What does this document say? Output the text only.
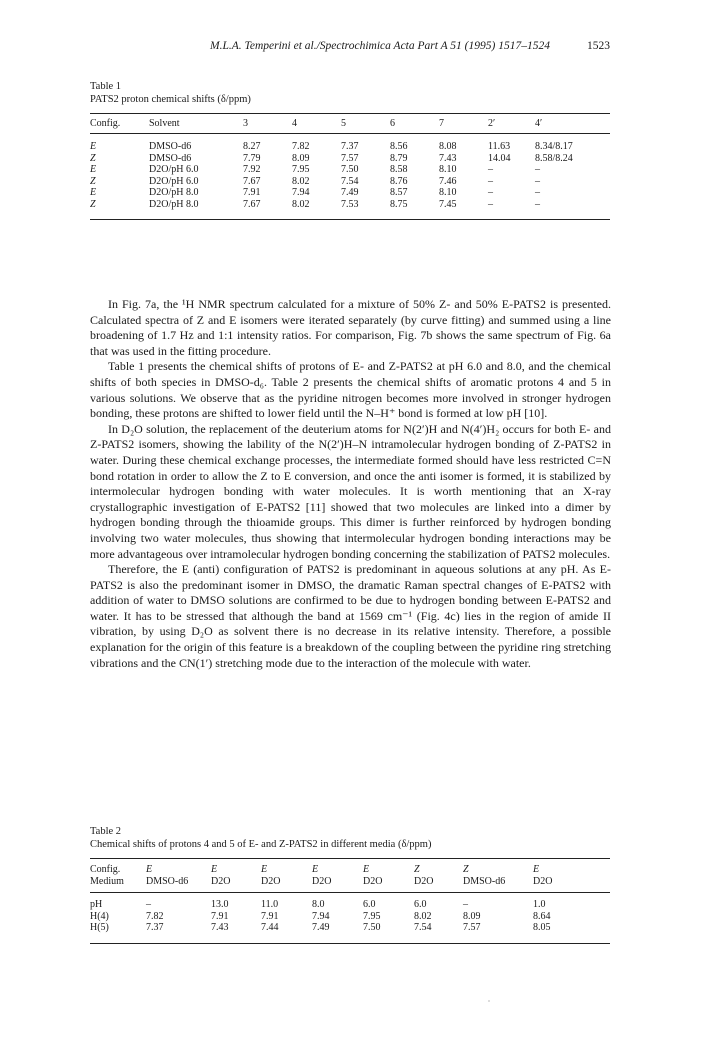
M.L.A. Temperini et al./Spectrochimica Acta Part A 51 (1995) 1517–1524	1523
Table 1
PATS2 proton chemical shifts (δ/ppm)
Config.	Solvent	3	4	5	6	7	2′	4′
E	DMSO-d6	8.27	7.82	7.37	8.56	8.08	11.63	8.34/8.17
Z	DMSO-d6	7.79	8.09	7.57	8.79	7.43	14.04	8.58/8.24
E	D2O/pH 6.0	7.92	7.95	7.50	8.58	8.10	–	–
Z	D2O/pH 6.0	7.67	8.02	7.54	8.76	7.46	–	–
E	D2O/pH 8.0	7.91	7.94	7.49	8.57	8.10	–	–
Z	D2O/pH 8.0	7.67	8.02	7.53	8.75	7.45	–	–

In Fig. 7a, the ¹H NMR spectrum calculated for a mixture of 50% Z- and 50% E-PATS2 is presented. Calculated spectra of Z and E isomers were iterated separately (by curve fitting) and summed using a line broadening of 1.7 Hz and 1:1 intensity ratios. For comparison, Fig. 7b shows the same spectrum of Fig. 6a that was used in the fitting procedure.

Table 1 presents the chemical shifts of protons of E- and Z-PATS2 at pH 6.0 and 8.0, and the chemical shifts of both species in DMSO-d₆. Table 2 presents the chemical shifts of aromatic protons 4 and 5 in various solutions. We observe that as the pyridine nitrogen becomes more involved in stronger hydrogen bonding, these protons are shifted to lower field until the N–H⁺ bond is formed at low pH [10].

In D₂O solution, the replacement of the deuterium atoms for N(2′)H and N(4′)H₂ occurs for both E- and Z-PATS2 isomers, showing the lability of the N(2′)H–N intramolecular hydrogen bonding of Z-PATS2 in water. During these chemical exchange processes, the intermediate formed should have less restricted C=N bond rotation in order to allow the Z to E conversion, and once the anti isomer is formed, it is stabilized by intermolecular hydrogen bonding with water molecules. It is worth mentioning that an X-ray crystallographic investigation of E-PATS2 [11] showed that two molecules are linked into a dimer by hydrogen bonding through the thioamide groups. This dimer is further reinforced by hydrogen bonding involving two water molecules, thus showing that intermolecular hydrogen bonding interactions may be more advantageous over intramolecular hydrogen bonding concerning the stabilization of PATS2 molecules.

Therefore, the E (anti) configuration of PATS2 is predominant in aqueous solutions at any pH. As E-PATS2 is also the predominant isomer in DMSO, the dramatic Raman spectral changes of E-PATS2 with addition of water to DMSO solutions are confirmed to be due to hydrogen bonding between E-PATS2 and water. It has to be stressed that although the band at 1569 cm⁻¹ (Fig. 4c) lies in the region of amide II vibration, by using D₂O as solvent there is no decrease in its relative intensity. Therefore, a possible explanation for the origin of this feature is a breakdown of the coupling between the pyridine ring stretching vibrations and the CN(1′) stretching mode due to the interaction of the molecule with water.

Table 2
Chemical shifts of protons 4 and 5 of E- and Z-PATS2 in different media (δ/ppm)
Config.	E	E	E	E	E	Z	Z	E
Medium	DMSO-d6	D2O	D2O	D2O	D2O	D2O	DMSO-d6	D2O
pH	–	13.0	11.0	8.0	6.0	6.0	–	1.0
H(4)	7.82	7.91	7.91	7.94	7.95	8.02	8.09	8.64
H(5)	7.37	7.43	7.44	7.49	7.50	7.54	7.57	8.05
